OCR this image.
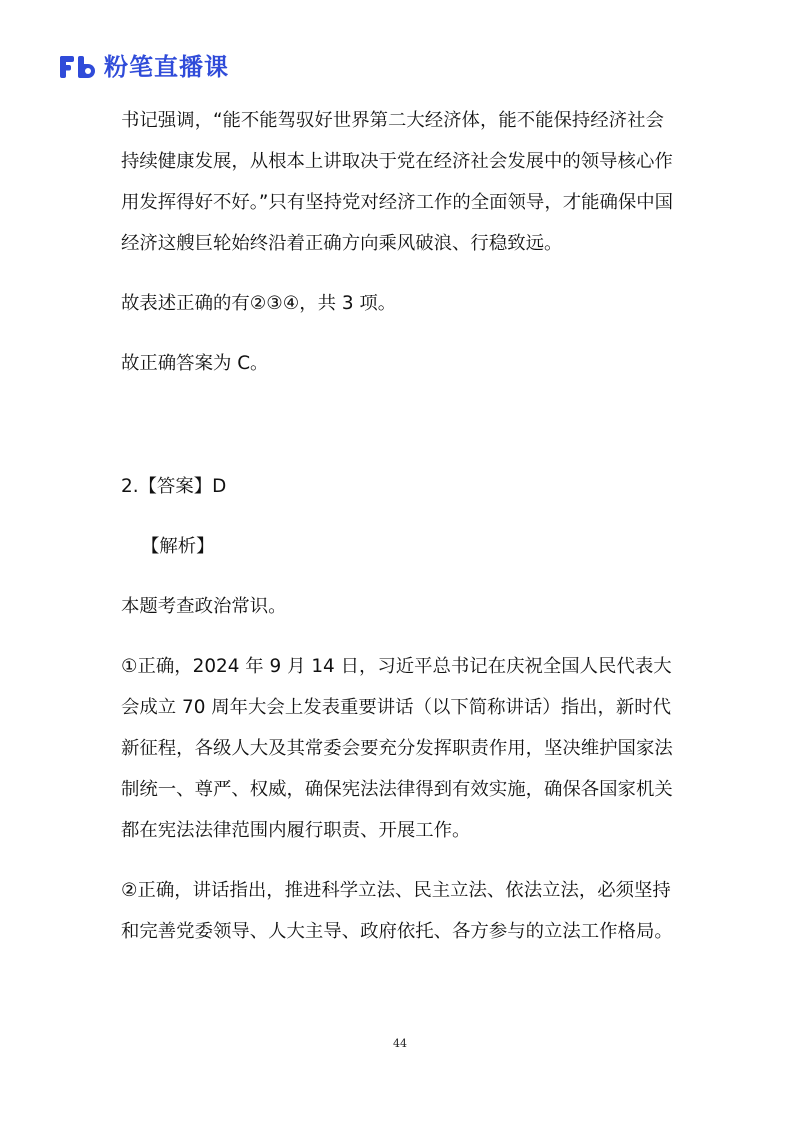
粉笔直播课

书记强调，“能不能驾驭好世界第二大经济体，能不能保持经济社会持续健康发展，从根本上讲取决于党在经济社会发展中的领导核心作用发挥得好不好。”只有坚持党对经济工作的全面领导，才能确保中国经济这艘巨轮始终沿着正确方向乘风破浪、行稳致远。

故表述正确的有②③④，共 3 项。

故正确答案为 C。

2.【答案】D

【解析】

本题考查政治常识。

①正确，2024 年 9 月 14 日，习近平总书记在庆祝全国人民代表大会成立 70 周年大会上发表重要讲话（以下简称讲话）指出，新时代新征程，各级人大及其常委会要充分发挥职责作用，坚决维护国家法制统一、尊严、权威，确保宪法法律得到有效实施，确保各国家机关都在宪法法律范围内履行职责、开展工作。

②正确，讲话指出，推进科学立法、民主立法、依法立法，必须坚持和完善党委领导、人大主导、政府依托、各方参与的立法工作格局。

44
